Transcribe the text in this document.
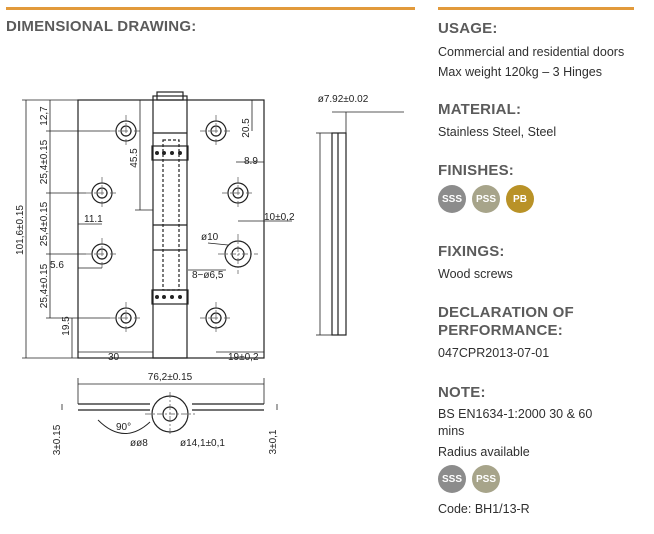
DIMENSIONAL DRAWING:
101,6±0.15
12,7
25,4±0.15
25,4±0.15
25,4±0.15
19.5
45.5
20.5
ø7.92±0.02
8.9
11.1
5.6
30	19±0,2
10±0,2
ø10
8−ø6,5
76,2±0.15
90°
øø8	ø14,1±0,1
3±0.15	3±0,1
USAGE:
Commercial and residential doors
Max weight 120kg – 3 Hinges
MATERIAL:
Stainless Steel, Steel
FINISHES:
SSS	PSS	PB
FIXINGS:
Wood screws
DECLARATION OF
PERFORMANCE:
047CPR2013-07-01
NOTE:
BS EN1634-1:2000 30 & 60
mins
Radius available
SSS	PSS
Code: BH1/13-R
